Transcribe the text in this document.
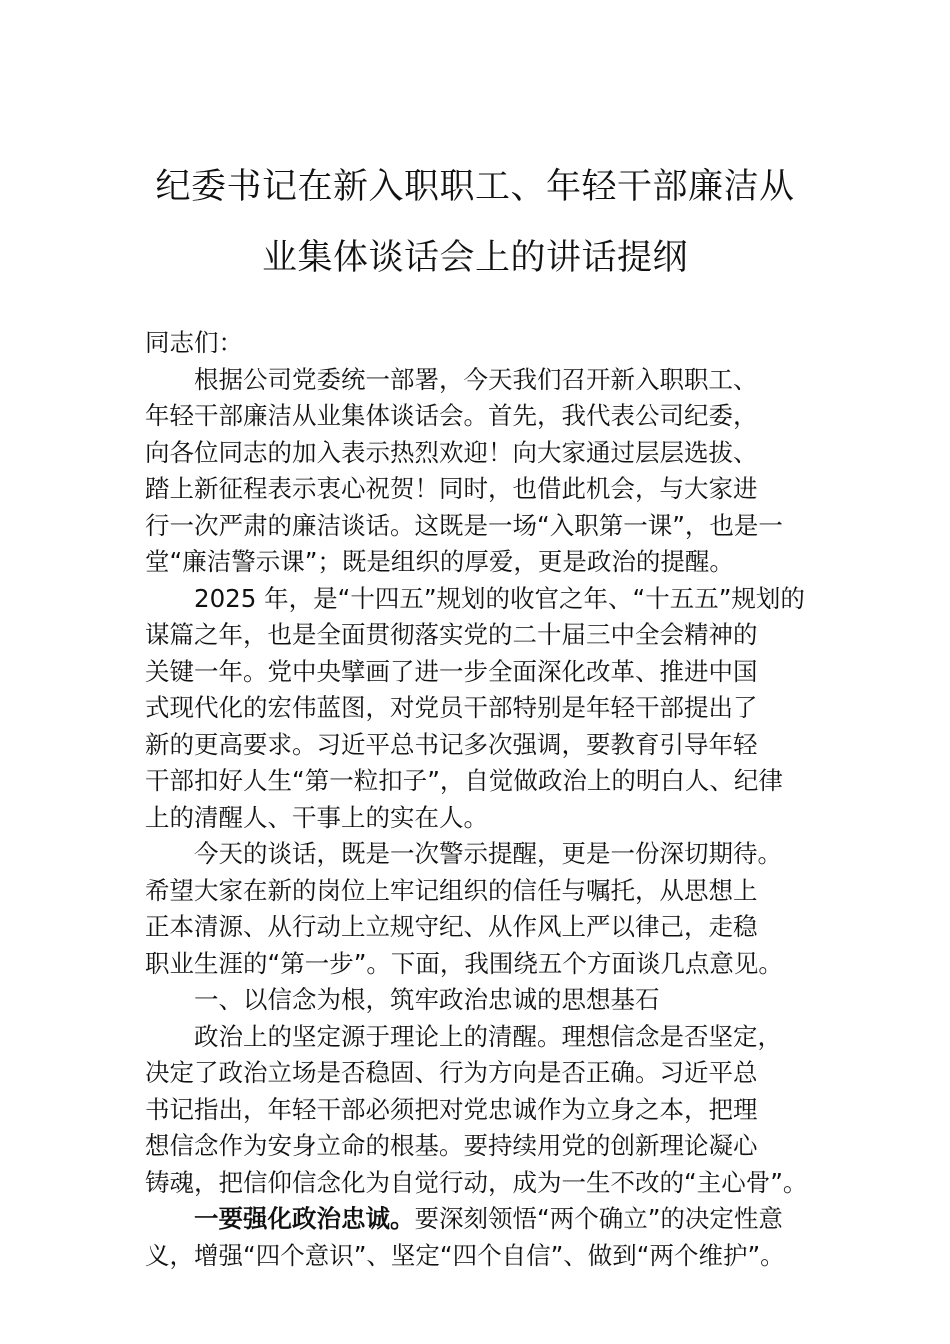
纪委书记在新入职职工、年轻干部廉洁从
业集体谈话会上的讲话提纲

同志们：

根据公司党委统一部署，今天我们召开新入职职工、

年轻干部廉洁从业集体谈话会。首先，我代表公司纪委，

向各位同志的加入表示热烈欢迎！向大家通过层层选拔、

踏上新征程表示衷心祝贺！同时，也借此机会，与大家进

行一次严肃的廉洁谈话。这既是一场“入职第一课”，也是一

堂“廉洁警示课”；既是组织的厚爱，更是政治的提醒。

2025 年，是“十四五”规划的收官之年、“十五五”规划的

谋篇之年，也是全面贯彻落实党的二十届三中全会精神的

关键一年。党中央擘画了进一步全面深化改革、推进中国

式现代化的宏伟蓝图，对党员干部特别是年轻干部提出了

新的更高要求。习近平总书记多次强调，要教育引导年轻

干部扣好人生“第一粒扣子”，自觉做政治上的明白人、纪律

上的清醒人、干事上的实在人。

今天的谈话，既是一次警示提醒，更是一份深切期待。

希望大家在新的岗位上牢记组织的信任与嘱托，从思想上

正本清源、从行动上立规守纪、从作风上严以律己，走稳

职业生涯的“第一步”。下面，我围绕五个方面谈几点意见。

一、以信念为根，筑牢政治忠诚的思想基石

政治上的坚定源于理论上的清醒。理想信念是否坚定，

决定了政治立场是否稳固、行为方向是否正确。习近平总

书记指出，年轻干部必须把对党忠诚作为立身之本，把理

想信念作为安身立命的根基。要持续用党的创新理论凝心

铸魂，把信仰信念化为自觉行动，成为一生不改的“主心骨”。

一要强化政治忠诚。要深刻领悟“两个确立”的决定性意

义，增强“四个意识”、坚定“四个自信”、做到“两个维护”。
